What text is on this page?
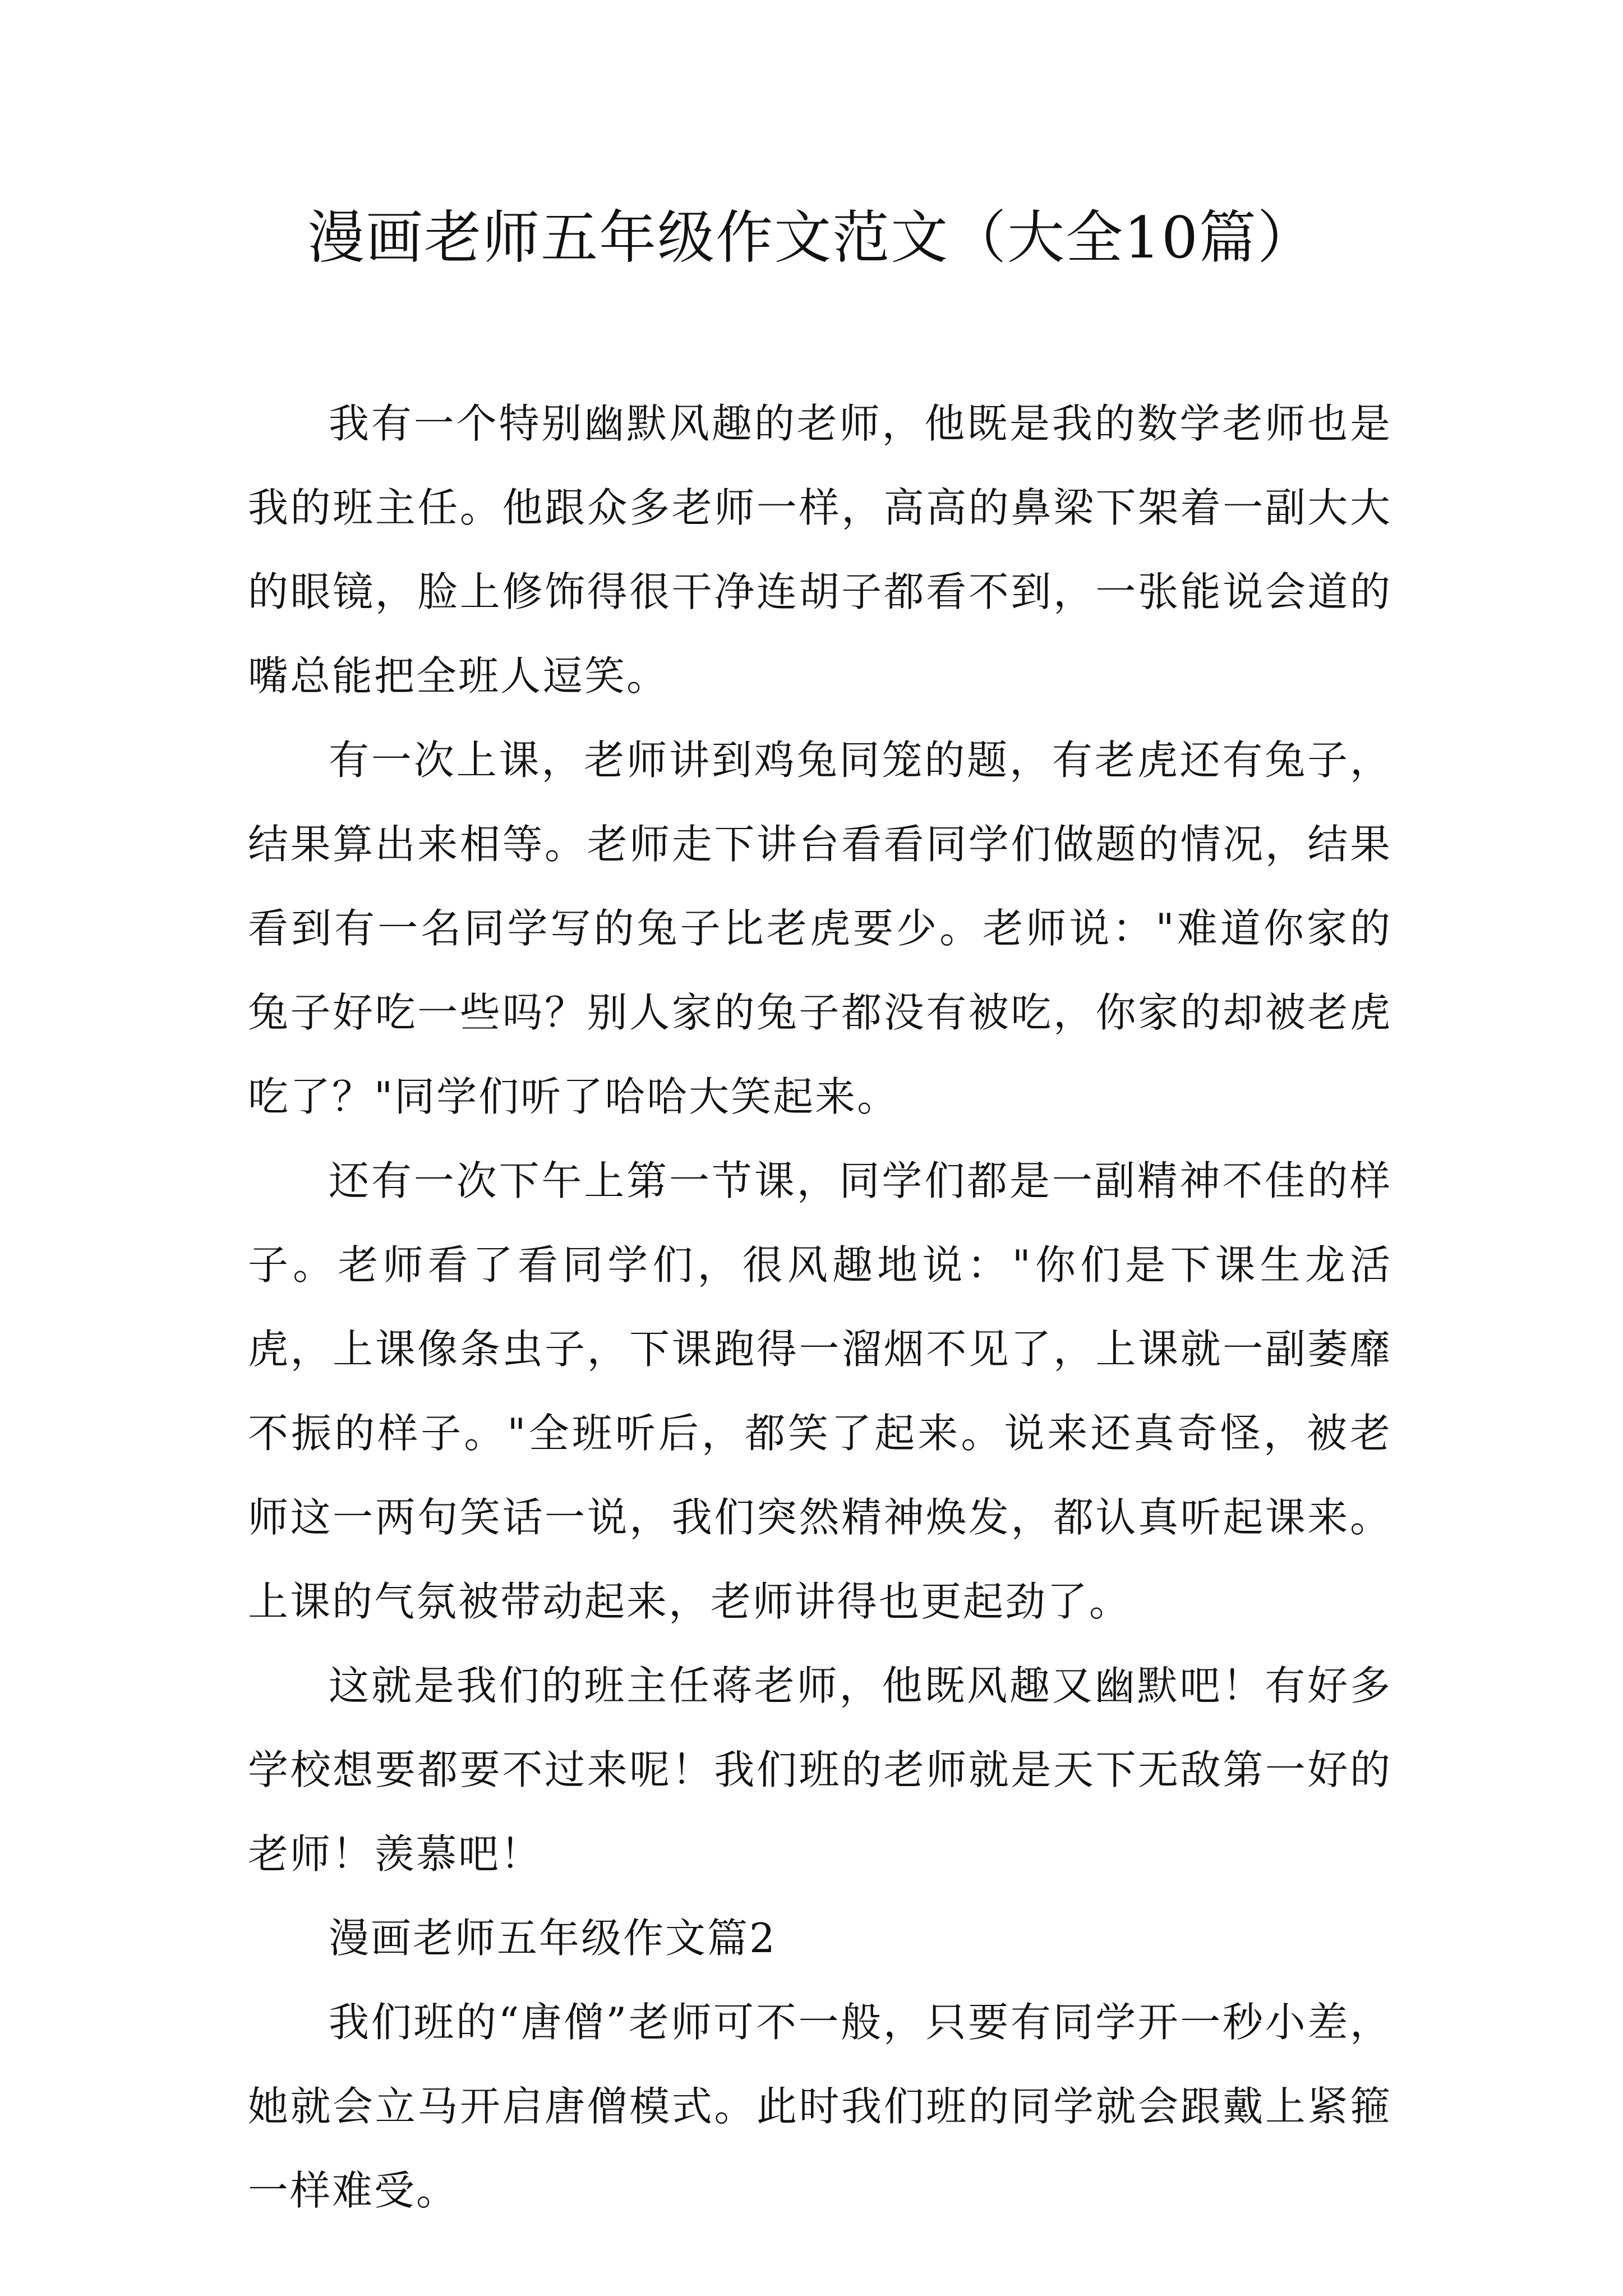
漫画老师五年级作文范文（大全10篇）

我有一个特别幽默风趣的老师，他既是我的数学老师也是我的班主任。他跟众多老师一样，高高的鼻梁下架着一副大大的眼镜，脸上修饰得很干净连胡子都看不到，一张能说会道的嘴总能把全班人逗笑。

有一次上课，老师讲到鸡兔同笼的题，有老虎还有兔子，结果算出来相等。老师走下讲台看看同学们做题的情况，结果看到有一名同学写的兔子比老虎要少。老师说："难道你家的兔子好吃一些吗？别人家的兔子都没有被吃，你家的却被老虎吃了？"同学们听了哈哈大笑起来。

还有一次下午上第一节课，同学们都是一副精神不佳的样子。老师看了看同学们，很风趣地说："你们是下课生龙活虎，上课像条虫子，下课跑得一溜烟不见了，上课就一副萎靡不振的样子。"全班听后，都笑了起来。说来还真奇怪，被老师这一两句笑话一说，我们突然精神焕发，都认真听起课来。上课的气氛被带动起来，老师讲得也更起劲了。

这就是我们的班主任蒋老师，他既风趣又幽默吧！有好多学校想要都要不过来呢！我们班的老师就是天下无敌第一好的老师！羡慕吧！

漫画老师五年级作文篇2

我们班的“唐僧”老师可不一般，只要有同学开一秒小差，她就会立马开启唐僧模式。此时我们班的同学就会跟戴上紧箍一样难受。
